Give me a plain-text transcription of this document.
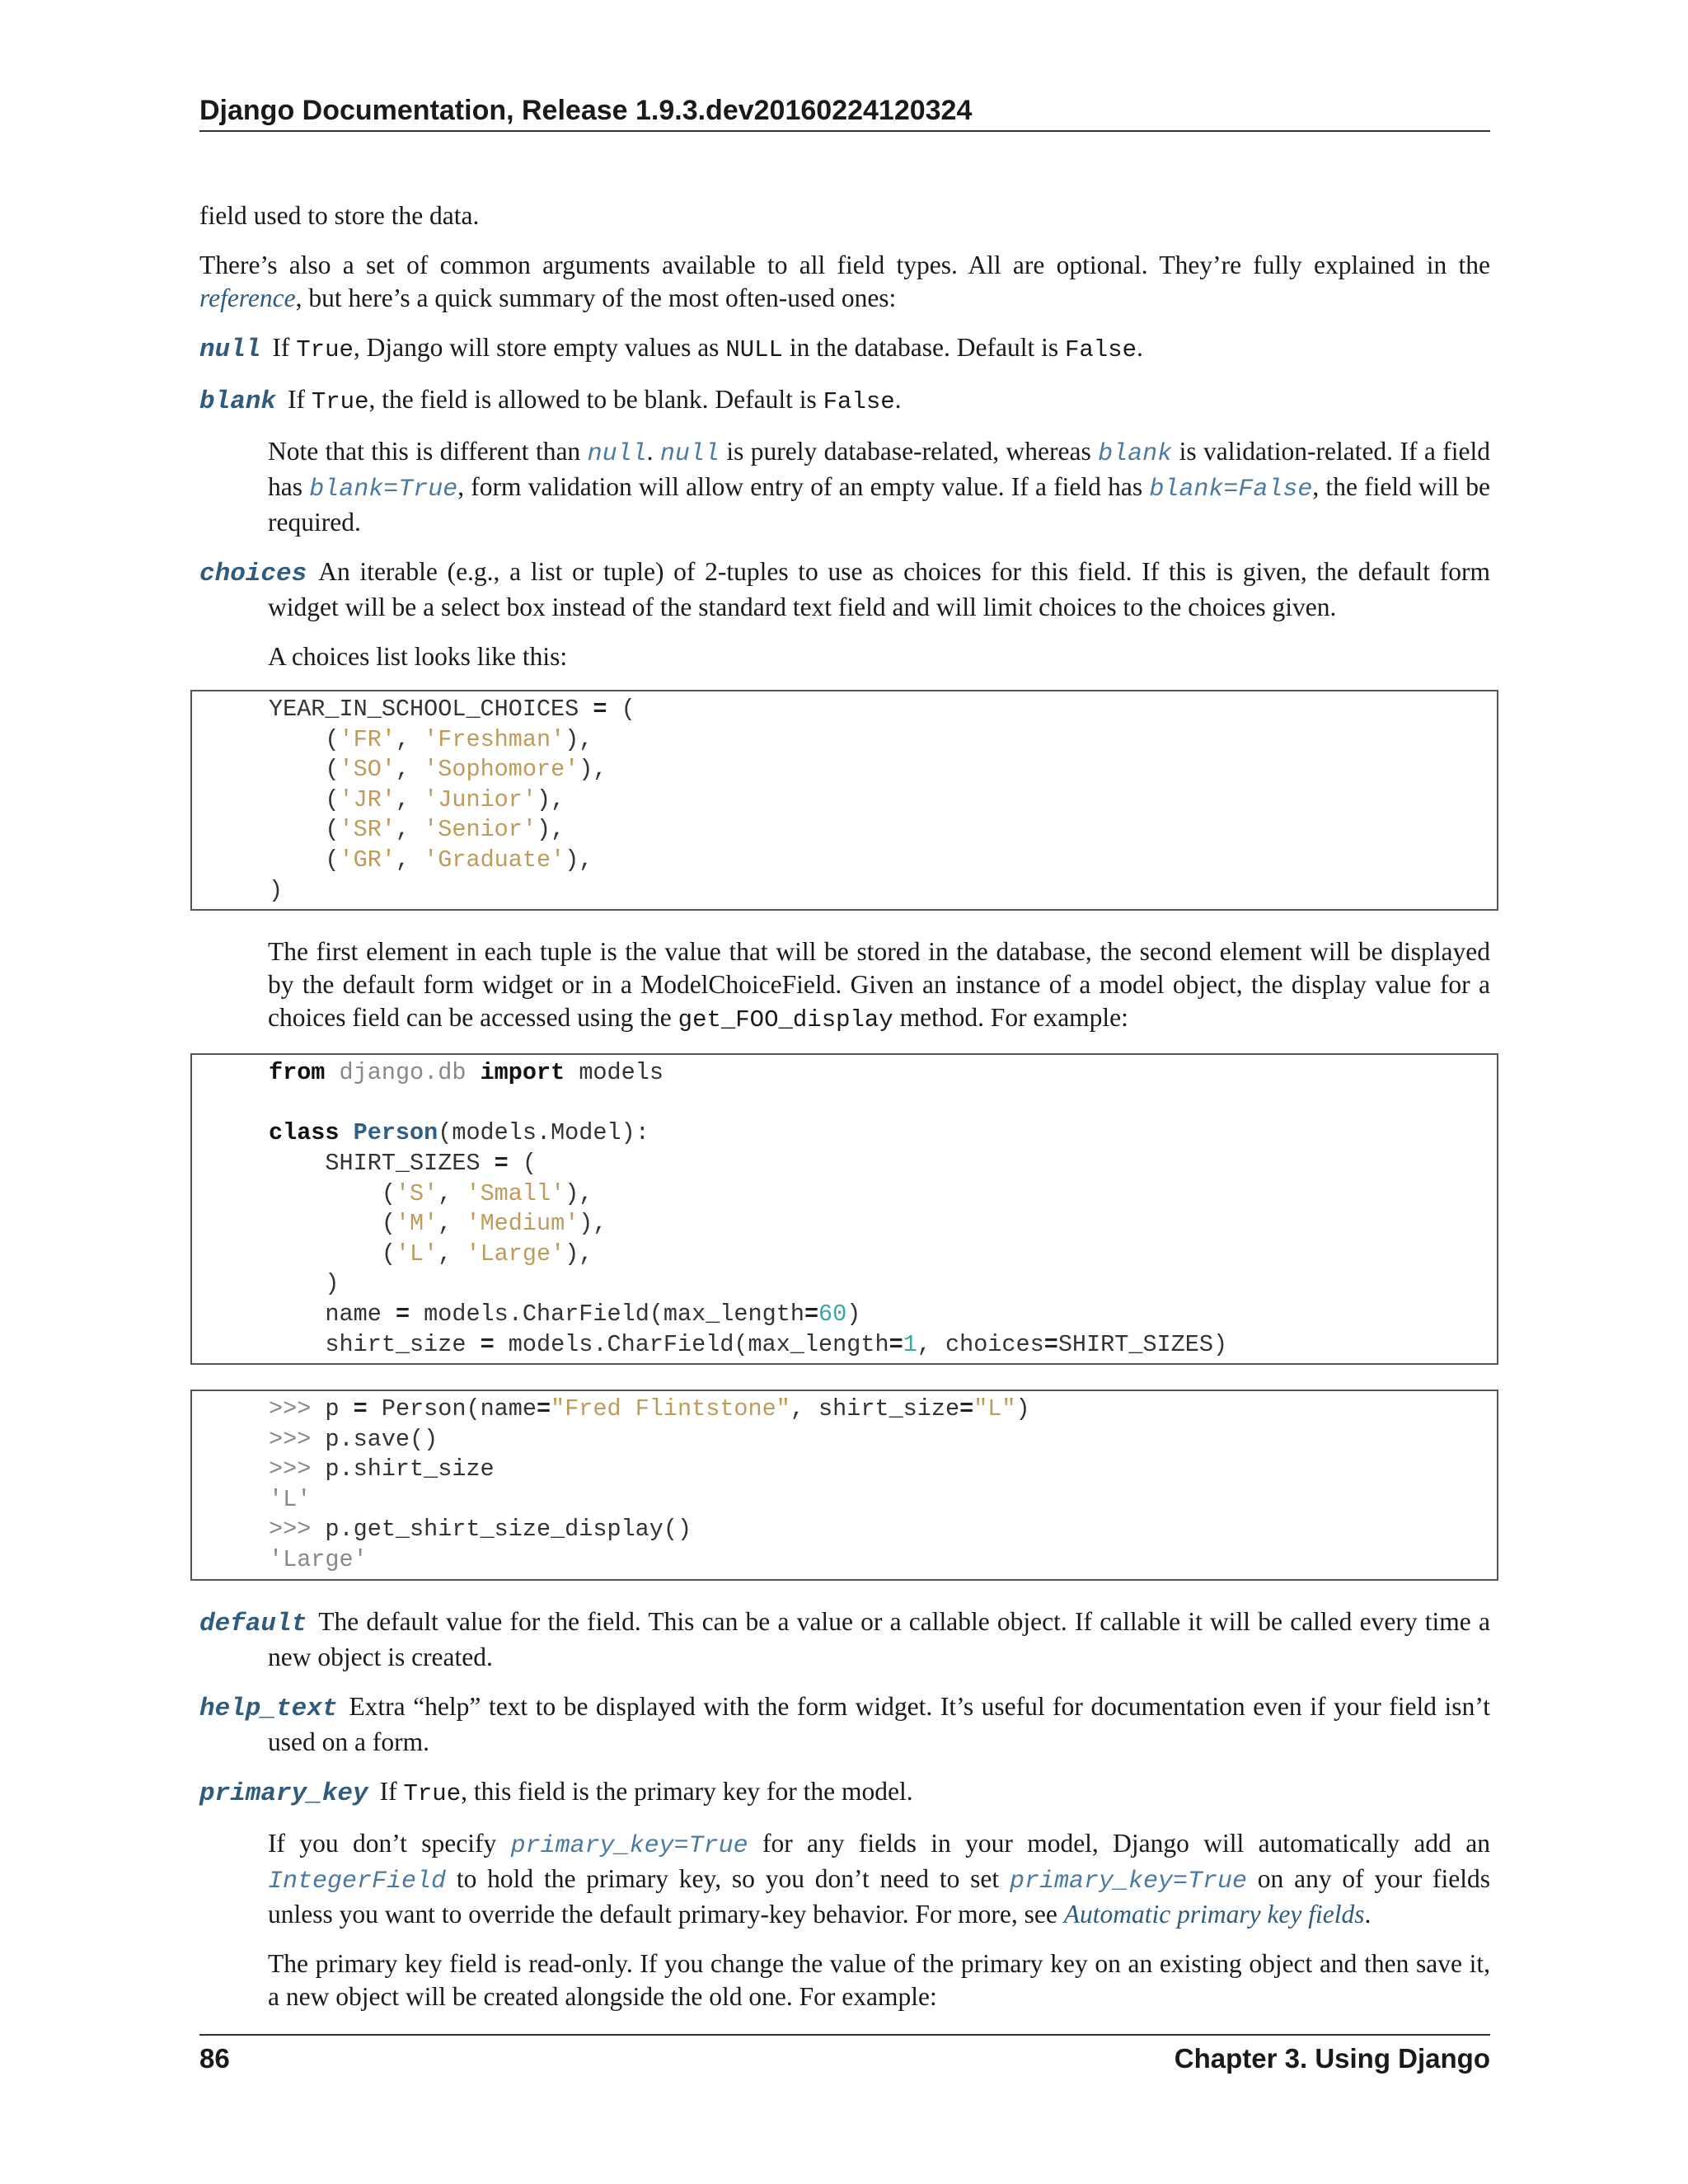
Django Documentation, Release 1.9.3.dev20160224120324

field used to store the data.

There’s also a set of common arguments available to all field types. All are optional. They’re fully explained in the reference, but here’s a quick summary of the most often-used ones:

null If True, Django will store empty values as NULL in the database. Default is False.

blank If True, the field is allowed to be blank. Default is False.

Note that this is different than null. null is purely database-related, whereas blank is validation-related. If a field has blank=True, form validation will allow entry of an empty value. If a field has blank=False, the field will be required.

choices An iterable (e.g., a list or tuple) of 2-tuples to use as choices for this field. If this is given, the default form widget will be a select box instead of the standard text field and will limit choices to the choices given.

A choices list looks like this:

YEAR_IN_SCHOOL_CHOICES = (
('FR', 'Freshman'),
('SO', 'Sophomore'),
('JR', 'Junior'),
('SR', 'Senior'),
('GR', 'Graduate'),
)

The first element in each tuple is the value that will be stored in the database, the second element will be displayed by the default form widget or in a ModelChoiceField. Given an instance of a model object, the display value for a choices field can be accessed using the get_FOO_display method. For example:

from django.db import models
class Person(models.Model):
SHIRT_SIZES = (
('S', 'Small'),
('M', 'Medium'),
('L', 'Large'),
)
name = models.CharField(max_length=60)
shirt_size = models.CharField(max_length=1, choices=SHIRT_SIZES)
>>> p = Person(name="Fred Flintstone", shirt_size="L")
>>> p.save()
>>> p.shirt_size
'L'
>>> p.get_shirt_size_display()
'Large'

default The default value for the field. This can be a value or a callable object. If callable it will be called every time a new object is created.

help_text Extra “help” text to be displayed with the form widget. It’s useful for documentation even if your field isn’t used on a form.

primary_key If True, this field is the primary key for the model.

If you don’t specify primary_key=True for any fields in your model, Django will automatically add an IntegerField to hold the primary key, so you don’t need to set primary_key=True on any of your fields unless you want to override the default primary-key behavior. For more, see Automatic primary key fields.

The primary key field is read-only. If you change the value of the primary key on an existing object and then save it, a new object will be created alongside the old one. For example:

86	Chapter 3. Using Django
